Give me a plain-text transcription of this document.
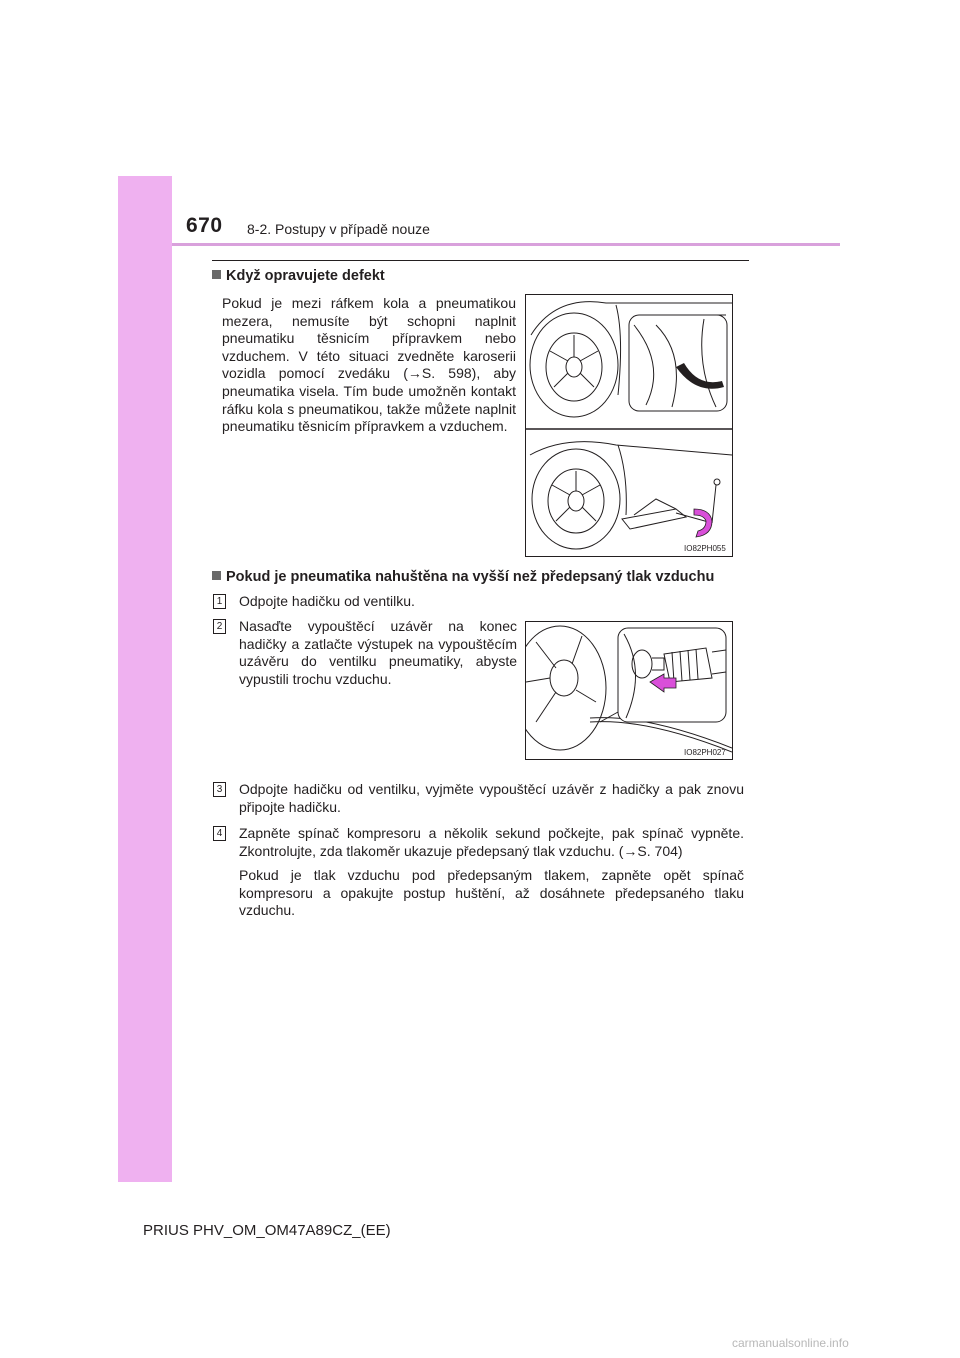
670 8-2. Postupy v případě nouze
Když opravujete defekt
Pokud je mezi ráfkem kola a pneumatikou mezera, nemusíte být schopni naplnit pneumatiku těsnicím přípravkem nebo vzduchem. V této situaci zvedněte karoserii vozidla pomocí zvedáku (→S. 598), aby pneumatika visela. Tím bude umožněn kontakt ráfku kola s pneumatikou, takže můžete naplnit pneumatiku těsnicím přípravkem a vzduchem.
IO82PH055
Pokud je pneumatika nahuštěna na vyšší než předepsaný tlak vzduchu
1 Odpojte hadičku od ventilku.
2 Nasaďte vypouštěcí uzávěr na konec hadičky a zatlačte výstupek na vypouštěcím uzávěru do ventilku pneumatiky, abyste vypustili trochu vzduchu.
IO82PH027
3 Odpojte hadičku od ventilku, vyjměte vypouštěcí uzávěr z hadičky a pak znovu připojte hadičku.
4 Zapněte spínač kompresoru a několik sekund počkejte, pak spínač vypněte. Zkontrolujte, zda tlakoměr ukazuje předepsaný tlak vzduchu. (→S. 704)
Pokud je tlak vzduchu pod předepsaným tlakem, zapněte opět spínač kompresoru a opakujte postup huštění, až dosáhnete předepsaného tlaku vzduchu.
PRIUS PHV_OM_OM47A89CZ_(EE)
carmanualsonline.info
